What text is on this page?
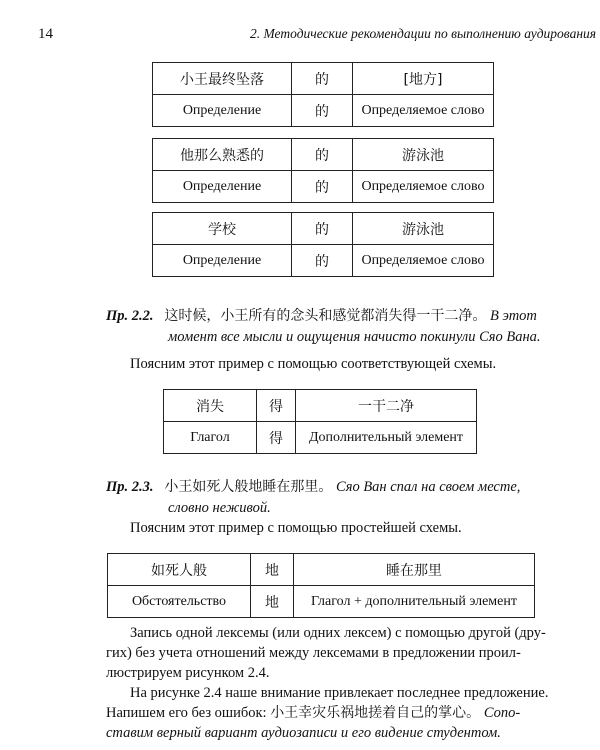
14	2. Методические рекомендации по выполнению аудирования
小王最终坠落	的	[地方]
Определение	的	Определяемое слово
他那么熟悉的	的	游泳池
Определение	的	Определяемое слово
学校	的	游泳池
Определение	的	Определяемое слово
Пр. 2.2. 这时候，小王所有的念头和感觉都消失得一干二净。 В этот
момент все мысли и ощущения начисто покинули Сяо Вана.
Поясним этот пример с помощью соответствующей схемы.
消失	得	一干二净
Глагол	得	Дополнительный элемент
Пр. 2.3. 小王如死人般地睡在那里。 Сяо Ван спал на своем месте,
словно неживой.
Поясним этот пример с помощью простейшей схемы.
如死人般	地	睡在那里
Обстоятельство	地	Глагол + дополнительный элемент
Запись одной лексемы (или одних лексем) с помощью другой (дру-
гих) без учета отношений между лексемами в предложении проил-
люстрируем рисунком 2.4.
На рисунке 2.4 наше внимание привлекает последнее предложение.
Напишем его без ошибок: 小王幸灾乐祸地搓着自己的掌心。 Сопо-
ставим верный вариант аудиозаписи и его видение студентом.
